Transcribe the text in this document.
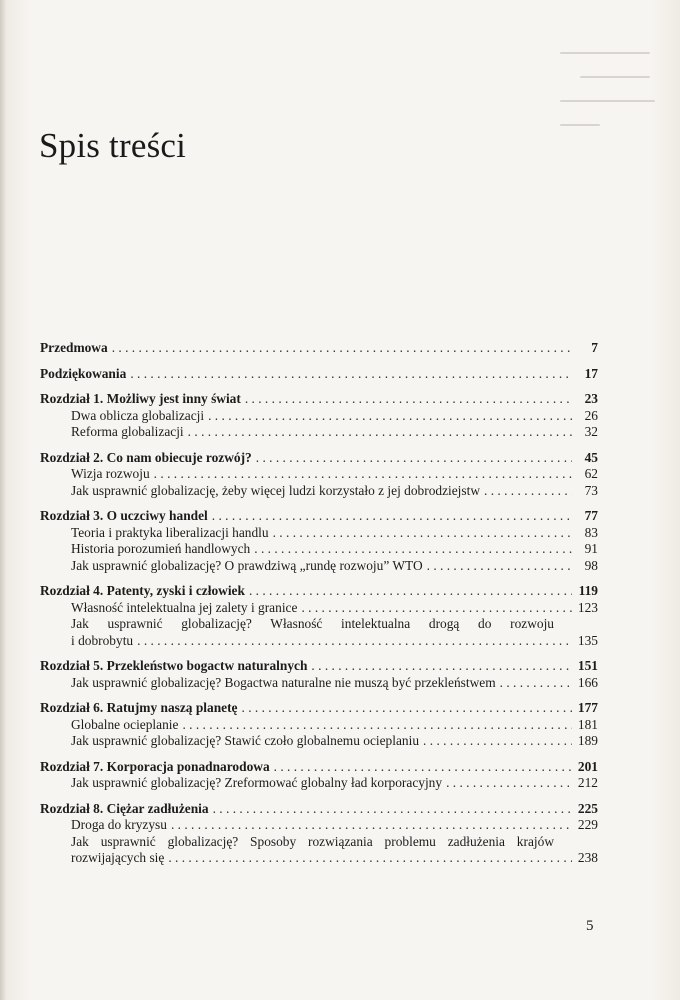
Spis treści
Przedmowa . . .	7
Podziękowania . . .	17
Rozdział 1. Możliwy jest inny świat . . .	23
Dwa oblicza globalizacji . . .	26
Reforma globalizacji . . .	32
Rozdział 2. Co nam obiecuje rozwój? . . .	45
Wizja rozwoju . . .	62
Jak usprawnić globalizację, żeby więcej ludzi korzystało z jej dobrodziejstw . . .	73
Rozdział 3. O uczciwy handel . . .	77
Teoria i praktyka liberalizacji handlu . . .	83
Historia porozumień handlowych . . .	91
Jak usprawnić globalizację? O prawdziwą „rundę rozwoju” WTO . . .	98
Rozdział 4. Patenty, zyski i człowiek . . .	119
Własność intelektualna jej zalety i granice . . .	123
Jak usprawnić globalizację? Własność intelektualna drogą do rozwoju
i dobrobytu . . .	135
Rozdział 5. Przekleństwo bogactw naturalnych . . .	151
Jak usprawnić globalizację? Bogactwa naturalne nie muszą być przekleństwem . . .	166
Rozdział 6. Ratujmy naszą planetę . . .	177
Globalne ocieplanie . . .	181
Jak usprawnić globalizację? Stawić czoło globalnemu ocieplaniu . . .	189
Rozdział 7. Korporacja ponadnarodowa . . .	201
Jak usprawnić globalizację? Zreformować globalny ład korporacyjny . . .	212
Rozdział 8. Ciężar zadłużenia . . .	225
Droga do kryzysu . . .	229
Jak usprawnić globalizację? Sposoby rozwiązania problemu zadłużenia krajów
rozwijających się . . .	238
5
